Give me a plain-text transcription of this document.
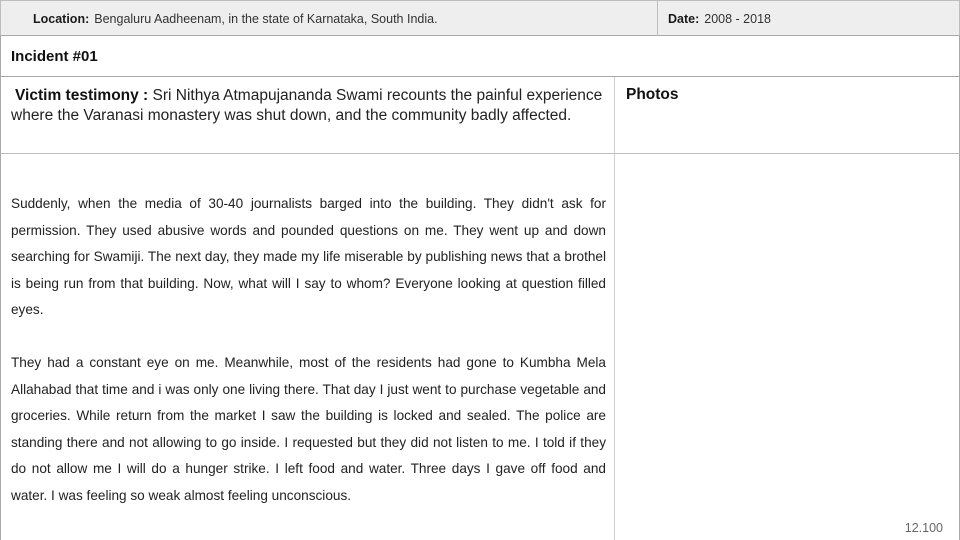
Location: Bengaluru Aadheenam, in the state of Karnataka, South India.	Date: 2008 - 2018
Incident #01
Victim testimony : Sri Nithya Atmapujananda Swami recounts the painful experience where the Varanasi monastery was shut down, and the community badly affected.
Photos

Suddenly, when the media of 30-40 journalists barged into the building. They didn't ask for permission. They used abusive words and pounded questions on me. They went up and down searching for Swamiji. The next day, they made my life miserable by publishing news that a brothel is being run from that building. Now, what will I say to whom? Everyone looking at question filled eyes.

They had a constant eye on me. Meanwhile, most of the residents had gone to Kumbha Mela Allahabad that time and i was only one living there. That day I just went to purchase vegetable and groceries. While return from the market I saw the building is locked and sealed. The police are standing there and not allowing to go inside. I requested but they did not listen to me. I told if they do not allow me I will do a hunger strike. I left food and water. Three days I gave off food and water. I was feeling so weak almost feeling unconscious.

12.100
